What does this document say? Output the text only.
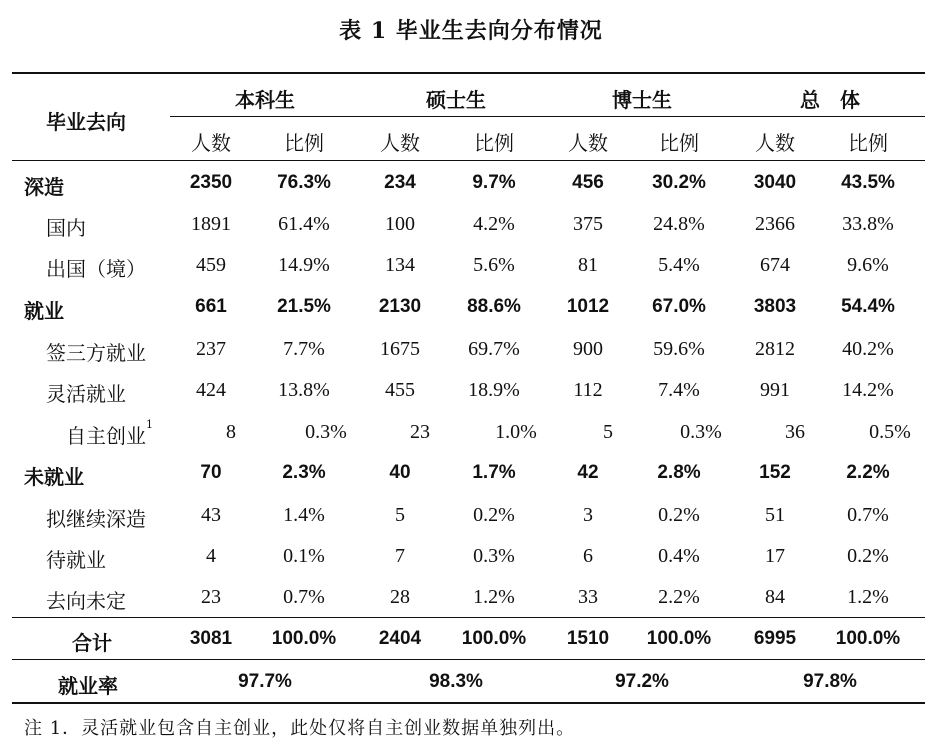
表 1 毕业生去向分布情况
毕业去向
本科生	硕士生	博士生	总　体
人数	比例	人数	比例	人数	比例	人数	比例
深造	2350	76.3%	234	9.7%	456	30.2%	3040	43.5%
国内	1891	61.4%	100	4.2%	375	24.8%	2366	33.8%
出国（境）	459	14.9%	134	5.6%	81	5.4%	674	9.6%
就业	661	21.5%	2130	88.6%	1012	67.0%	3803	54.4%
签三方就业	237	7.7%	1675	69.7%	900	59.6%	2812	40.2%
灵活就业	424	13.8%	455	18.9%	112	7.4%	991	14.2%
自主创业$^1$	8	0.3%	23	1.0%	5	0.3%	36	0.5%
未就业	70	2.3%	40	1.7%	42	2.8%	152	2.2%
拟继续深造	43	1.4%	5	0.2%	3	0.2%	51	0.7%
待就业	4	0.1%	7	0.3%	6	0.4%	17	0.2%
去向未定	23	0.7%	28	1.2%	33	2.2%	84	1.2%
合计	3081	100.0%	2404	100.0%	1510	100.0%	6995	100.0%
就业率	97.7%	98.3%	97.2%	97.8%
注 1．灵活就业包含自主创业，此处仅将自主创业数据单独列出。
